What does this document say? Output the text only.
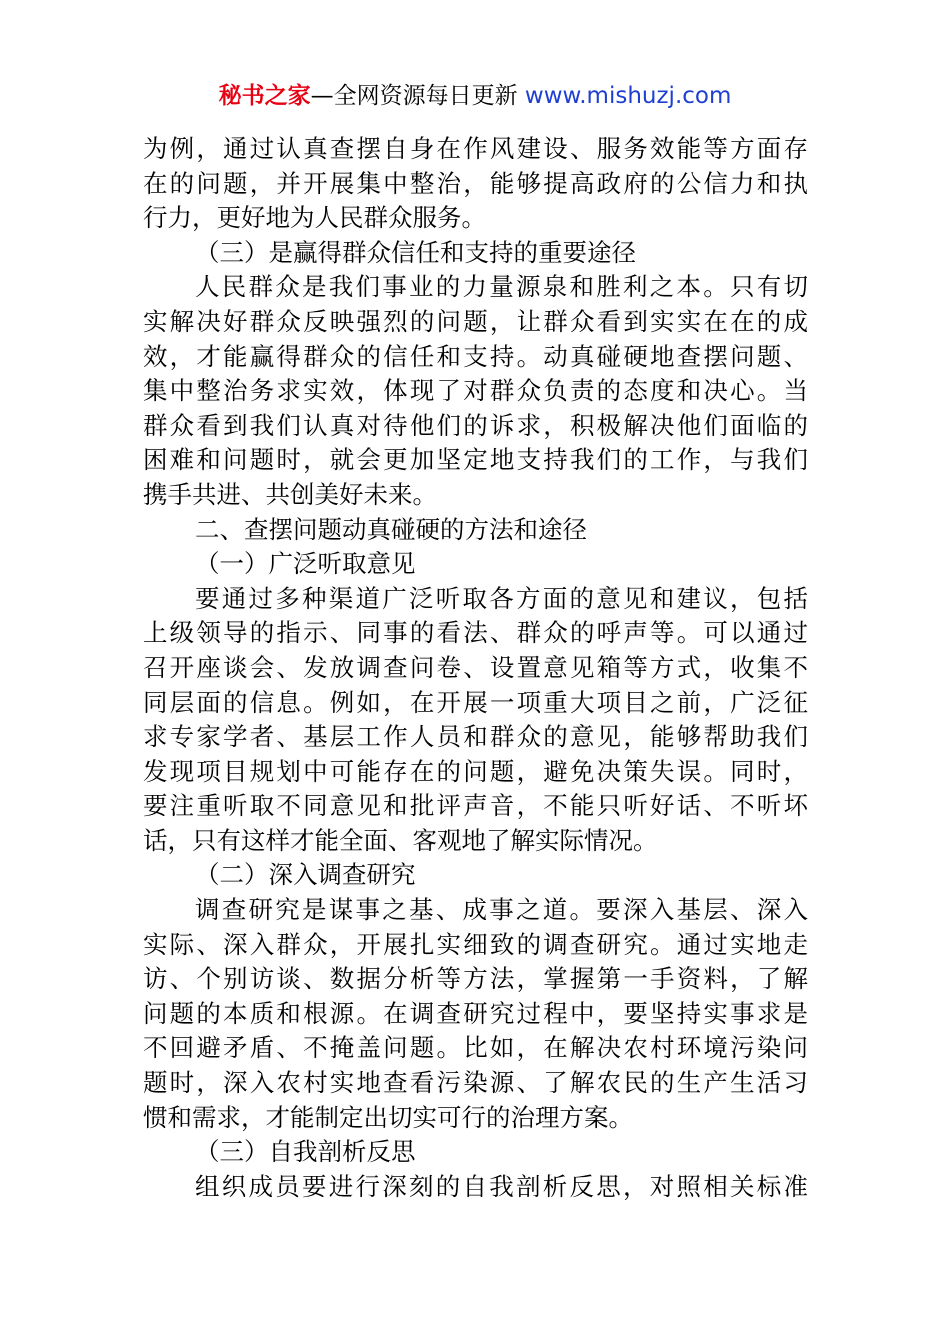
秘书之家—全网资源每日更新 www.mishuzj.com
为例，通过认真查摆自身在作风建设、服务效能等方面存
在的问题，并开展集中整治，能够提高政府的公信力和执
行力，更好地为人民群众服务。
（三）是赢得群众信任和支持的重要途径
人民群众是我们事业的力量源泉和胜利之本。只有切
实解决好群众反映强烈的问题，让群众看到实实在在的成
效，才能赢得群众的信任和支持。动真碰硬地查摆问题、
集中整治务求实效，体现了对群众负责的态度和决心。当
群众看到我们认真对待他们的诉求，积极解决他们面临的
困难和问题时，就会更加坚定地支持我们的工作，与我们
携手共进、共创美好未来。
二、查摆问题动真碰硬的方法和途径
（一）广泛听取意见
要通过多种渠道广泛听取各方面的意见和建议，包括
上级领导的指示、同事的看法、群众的呼声等。可以通过
召开座谈会、发放调查问卷、设置意见箱等方式，收集不
同层面的信息。例如，在开展一项重大项目之前，广泛征
求专家学者、基层工作人员和群众的意见，能够帮助我们
发现项目规划中可能存在的问题，避免决策失误。同时，
要注重听取不同意见和批评声音，不能只听好话、不听坏
话，只有这样才能全面、客观地了解实际情况。
（二）深入调查研究
调查研究是谋事之基、成事之道。要深入基层、深入
实际、深入群众，开展扎实细致的调查研究。通过实地走
访、个别访谈、数据分析等方法，掌握第一手资料，了解
问题的本质和根源。在调查研究过程中，要坚持实事求是
不回避矛盾、不掩盖问题。比如，在解决农村环境污染问
题时，深入农村实地查看污染源、了解农民的生产生活习
惯和需求，才能制定出切实可行的治理方案。
（三）自我剖析反思
组织成员要进行深刻的自我剖析反思，对照相关标准
